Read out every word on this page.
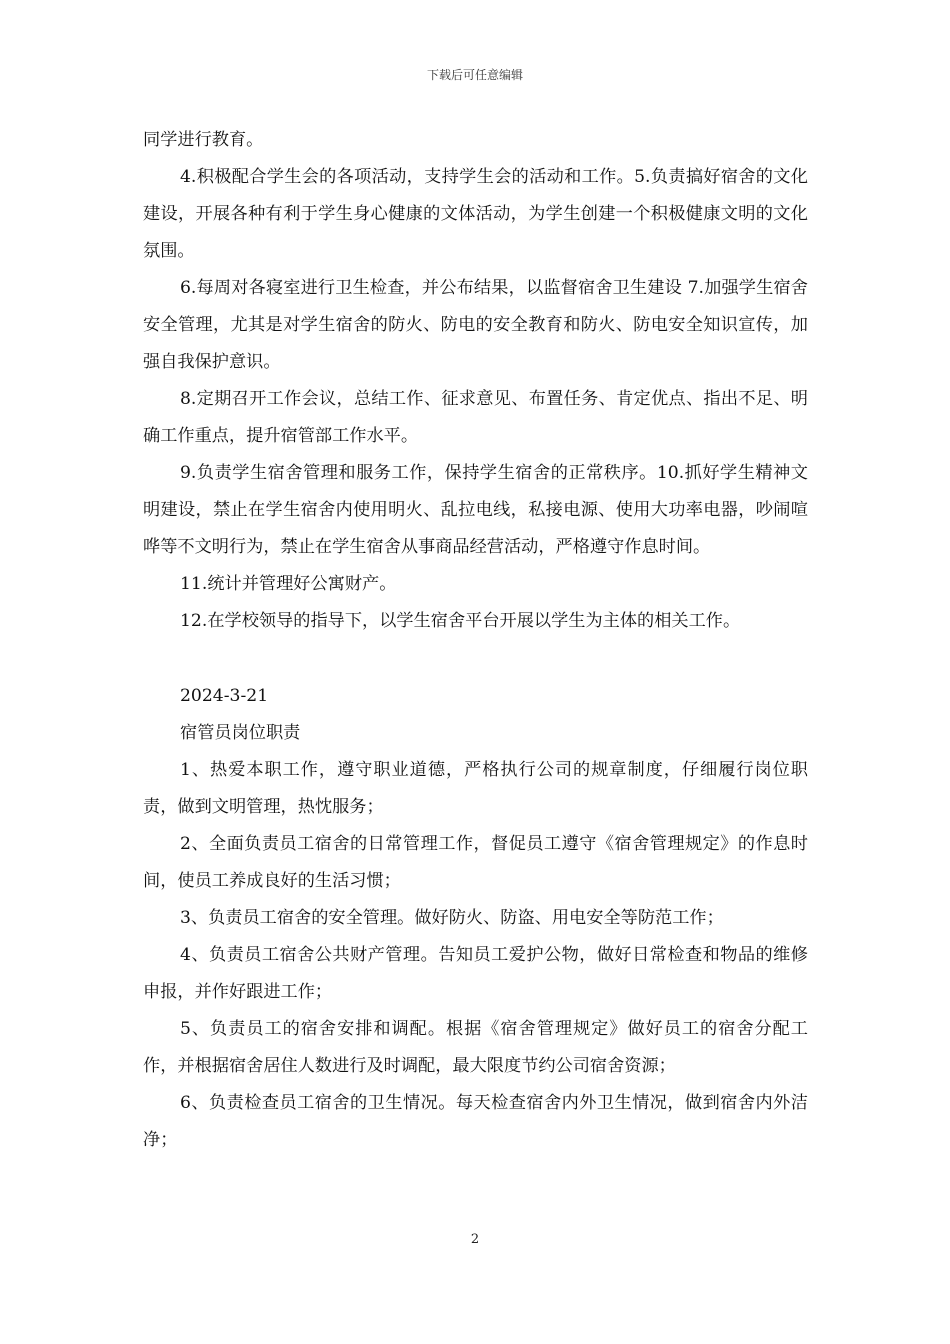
下载后可任意编辑

同学进行教育。

4.积极配合学生会的各项活动，支持学生会的活动和工作。5.负责搞好宿舍的文化建设，开展各种有利于学生身心健康的文体活动，为学生创建一个积极健康文明的文化氛围。

6.每周对各寝室进行卫生检查，并公布结果，以监督宿舍卫生建设 7.加强学生宿舍安全管理，尤其是对学生宿舍的防火、防电的安全教育和防火、防电安全知识宣传，加强自我保护意识。

8.定期召开工作会议，总结工作、征求意见、布置任务、肯定优点、指出不足、明确工作重点，提升宿管部工作水平。

9.负责学生宿舍管理和服务工作，保持学生宿舍的正常秩序。10.抓好学生精神文明建设，禁止在学生宿舍内使用明火、乱拉电线，私接电源、使用大功率电器，吵闹喧哗等不文明行为，禁止在学生宿舍从事商品经营活动，严格遵守作息时间。

11.统计并管理好公寓财产。

12.在学校领导的指导下，以学生宿舍平台开展以学生为主体的相关工作。

2024-3-21

宿管员岗位职责

1、热爱本职工作，遵守职业道德，严格执行公司的规章制度，仔细履行岗位职责，做到文明管理，热忱服务；

2、全面负责员工宿舍的日常管理工作，督促员工遵守《宿舍管理规定》的作息时间，使员工养成良好的生活习惯；

3、负责员工宿舍的安全管理。做好防火、防盗、用电安全等防范工作；

4、负责员工宿舍公共财产管理。告知员工爱护公物，做好日常检查和物品的维修申报，并作好跟进工作；

5、负责员工的宿舍安排和调配。根据《宿舍管理规定》做好员工的宿舍分配工作，并根据宿舍居住人数进行及时调配，最大限度节约公司宿舍资源；

6、负责检查员工宿舍的卫生情况。每天检查宿舍内外卫生情况，做到宿舍内外洁净；

2
